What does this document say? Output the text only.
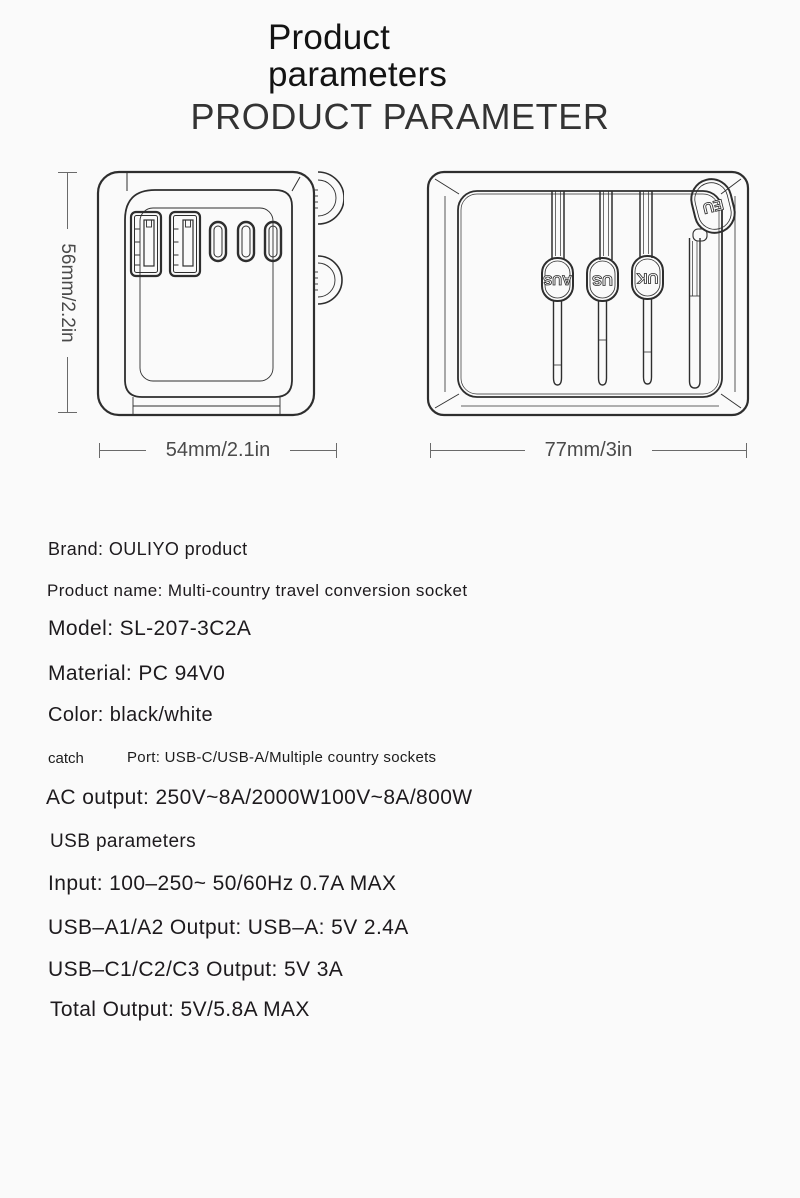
Product
parameters
PRODUCT PARAMETER
56mm/2.2in	AUS US UK
EU
54mm/2.1in	77mm/3in
Brand: OULIYO product
Product name: Multi-country travel conversion socket
Model: SL-207-3C2A
Material: PC 94V0
Color: black/white
catch	Port: USB-C/USB-A/Multiple country sockets
AC output: 250V~8A/2000W100V~8A/800W
USB parameters
Input: 100–250~ 50/60Hz 0.7A MAX
USB–A1/A2 Output: USB–A: 5V 2.4A
USB–C1/C2/C3 Output: 5V 3A
Total Output: 5V/5.8A MAX
